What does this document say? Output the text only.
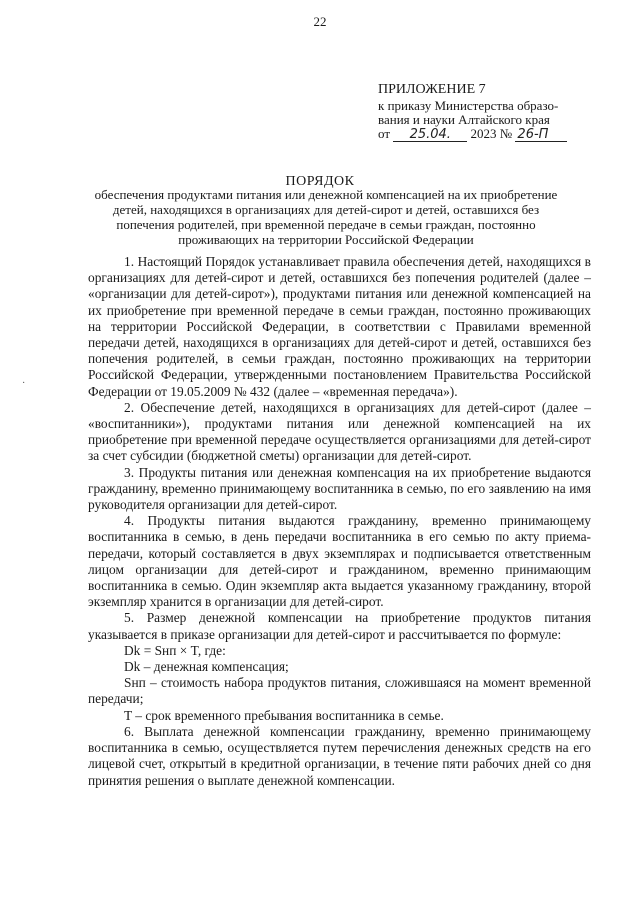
22
ПРИЛОЖЕНИЕ 7
к приказу Министерства образо-
вания и науки Алтайского края
от 25.04. 2023 № 26-П
ПОРЯДОК
обеспечения продуктами питания или денежной компенсацией на их приобретение детей, находящихся в организациях для детей-сирот и детей, оставшихся без попечения родителей, при временной передаче в семьи граждан, постоянно проживающих на территории Российской Федерации
·

1. Настоящий Порядок устанавливает правила обеспечения детей, находящихся в организациях для детей-сирот и детей, оставшихся без попечения родителей (далее – «организации для детей-сирот»), продуктами питания или денежной компенсацией на их приобретение при временной передаче в семьи граждан, постоянно проживающих на территории Российской Федерации, в соответствии с Правилами временной передачи детей, находящихся в организациях для детей-сирот и детей, оставшихся без попечения родителей, в семьи граждан, постоянно проживающих на территории Российской Федерации, утвержденными постановлением Правительства Российской Федерации от 19.05.2009 № 432 (далее – «временная передача»).

2. Обеспечение детей, находящихся в организациях для детей-сирот (далее – «воспитанники»), продуктами питания или денежной компенсацией на их приобретение при временной передаче осуществляется организациями для детей-сирот за счет субсидии (бюджетной сметы) организации для детей-сирот.

3. Продукты питания или денежная компенсация на их приобретение выдаются гражданину, временно принимающему воспитанника в семью, по его заявлению на имя руководителя организации для детей-сирот.

4. Продукты питания выдаются гражданину, временно принимающему воспитанника в семью, в день передачи воспитанника в его семью по акту приема-передачи, который составляется в двух экземплярах и подписывается ответственным лицом организации для детей-сирот и гражданином, временно принимающим воспитанника в семью. Один экземпляр акта выдается указанному гражданину, второй экземпляр хранится в организации для детей-сирот.

5. Размер денежной компенсации на приобретение продуктов питания указывается в приказе организации для детей-сирот и рассчитывается по формуле:

Dk = Sнп × T, где:

Dk – денежная компенсация;

Sнп – стоимость набора продуктов питания, сложившаяся на момент временной передачи;

T – срок временного пребывания воспитанника в семье.

6. Выплата денежной компенсации гражданину, временно принимающему воспитанника в семью, осуществляется путем перечисления денежных средств на его лицевой счет, открытый в кредитной организации, в течение пяти рабочих дней со дня принятия решения о выплате денежной компенсации.
